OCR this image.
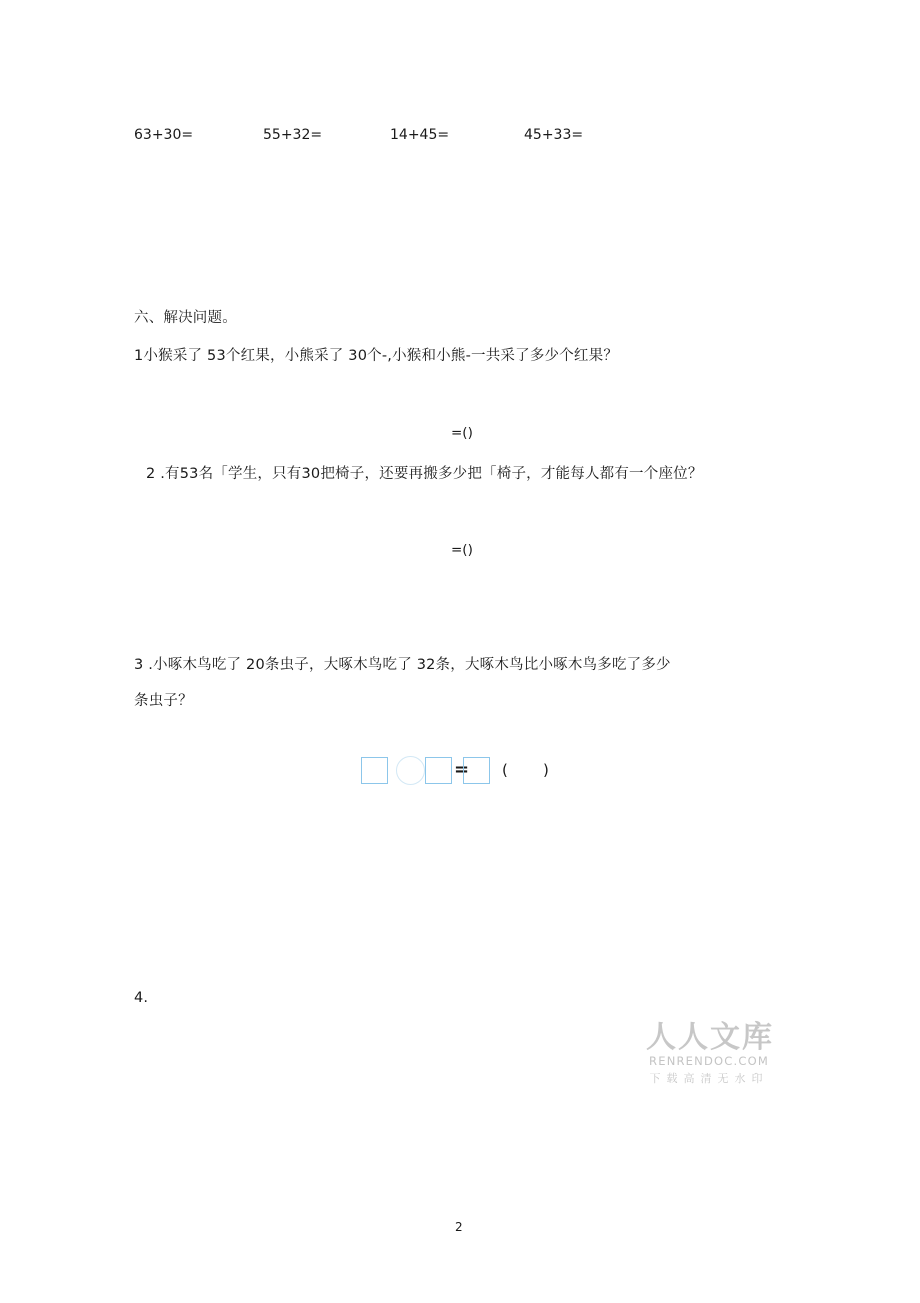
63+30=	55+32=	14+45=	45+33=
六、解决问题。
1小猴采了 53个红果，小熊采了 30个-,小猴和小熊-一共采了多少个红果？
=()
2 .有53名「学生，只有30把椅子，还要再搬多少把「椅子，才能每人都有一个座位？
=()
3 .小啄木鸟吃了 20条虫子，大啄木鸟吃了 32条，大啄木鸟比小啄木鸟多吃了多少
条虫子？
= ( )
4.
人人文库
RENRENDOC.COM
下载高清无水印
2
